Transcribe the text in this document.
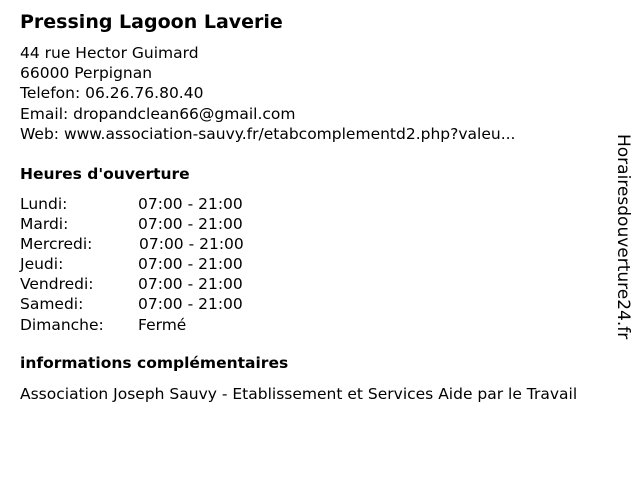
Pressing Lagoon Laverie
44 rue Hector Guimard
66000 Perpignan
Telefon: 06.26.76.80.40
Email: dropandclean66@gmail.com
Web: www.association-sauvy.fr/etabcomplementd2.php?valeu...
Heures d'ouverture
Lundi:	07:00 - 21:00
Mardi:	07:00 - 21:00
Mercredi:	07:00 - 21:00
Jeudi:	07:00 - 21:00
Vendredi:	07:00 - 21:00
Samedi:	07:00 - 21:00
Dimanche:	Fermé
informations complémentaires
Association Joseph Sauvy - Etablissement et Services Aide par le Travail
Horairesdouverture24.fr
